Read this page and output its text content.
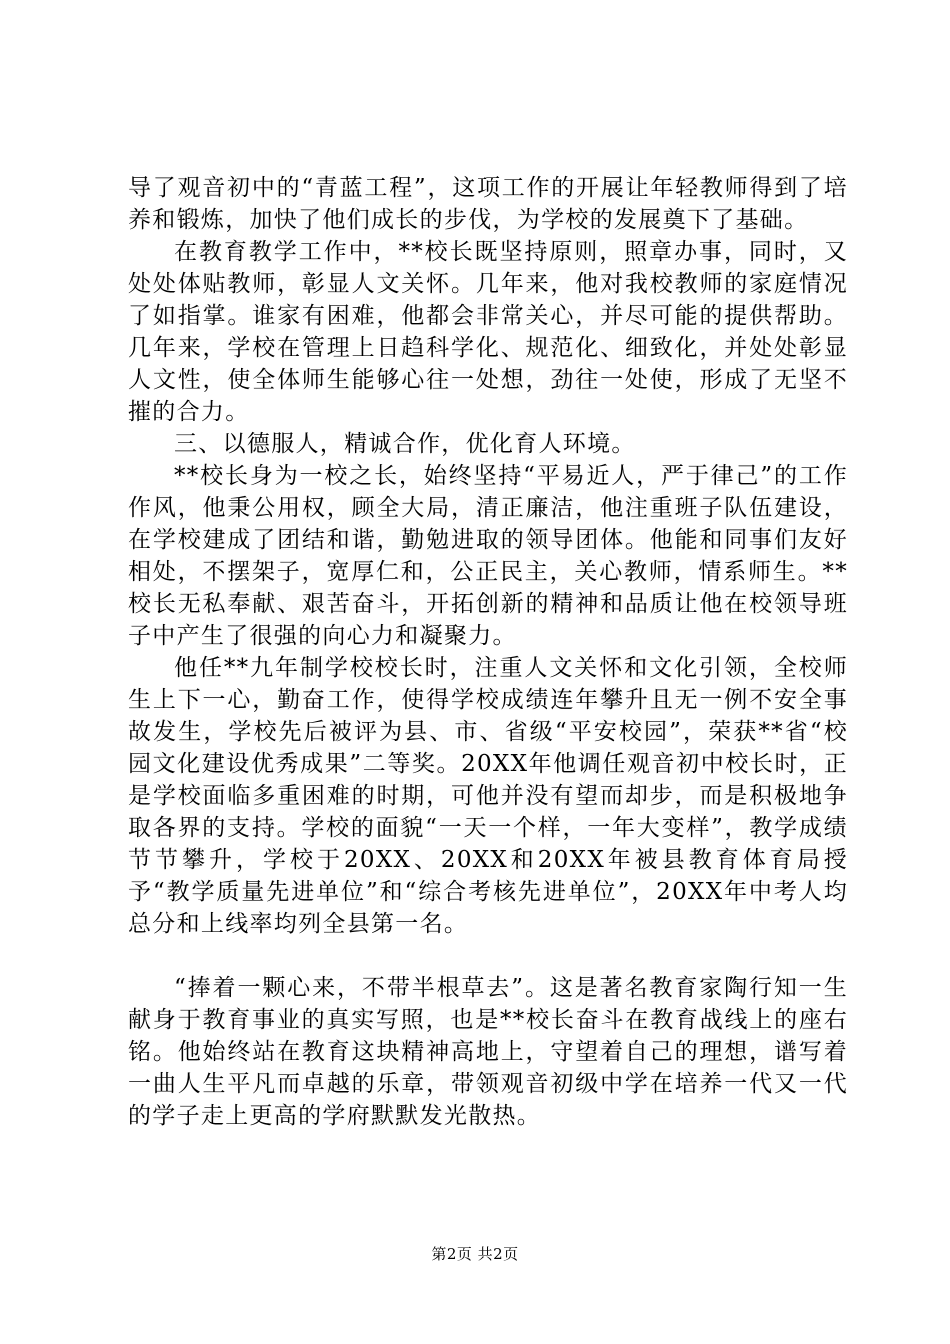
导了观音初中的“青蓝工程”，这项工作的开展让年轻教师得到了培养和锻炼，加快了他们成长的步伐，为学校的发展奠下了基础。

在教育教学工作中，**校长既坚持原则，照章办事，同时，又处处体贴教师，彰显人文关怀。几年来，他对我校教师的家庭情况了如指掌。谁家有困难，他都会非常关心，并尽可能的提供帮助。几年来，学校在管理上日趋科学化、规范化、细致化，并处处彰显人文性，使全体师生能够心往一处想，劲往一处使，形成了无坚不摧的合力。

三、以德服人，精诚合作，优化育人环境。

**校长身为一校之长，始终坚持“平易近人，严于律己”的工作作风，他秉公用权，顾全大局，清正廉洁，他注重班子队伍建设，在学校建成了团结和谐，勤勉进取的领导团体。他能和同事们友好相处，不摆架子，宽厚仁和，公正民主，关心教师，情系师生。**校长无私奉献、艰苦奋斗，开拓创新的精神和品质让他在校领导班子中产生了很强的向心力和凝聚力。

他任**九年制学校校长时，注重人文关怀和文化引领，全校师生上下一心，勤奋工作，使得学校成绩连年攀升且无一例不安全事故发生，学校先后被评为县、市、省级“平安校园”，荣获**省“校园文化建设优秀成果”二等奖。20XX年他调任观音初中校长时，正是学校面临多重困难的时期，可他并没有望而却步，而是积极地争取各界的支持。学校的面貌“一天一个样，一年大变样”，教学成绩节节攀升，学校于20XX、20XX和20XX年被县教育体育局授予“教学质量先进单位”和“综合考核先进单位”，20XX年中考人均总分和上线率均列全县第一名。

“捧着一颗心来，不带半根草去”。这是著名教育家陶行知一生献身于教育事业的真实写照，也是**校长奋斗在教育战线上的座右铭。他始终站在教育这块精神高地上，守望着自己的理想，谱写着一曲人生平凡而卓越的乐章，带领观音初级中学在培养一代又一代的学子走上更高的学府默默发光散热。

第2页 共2页
